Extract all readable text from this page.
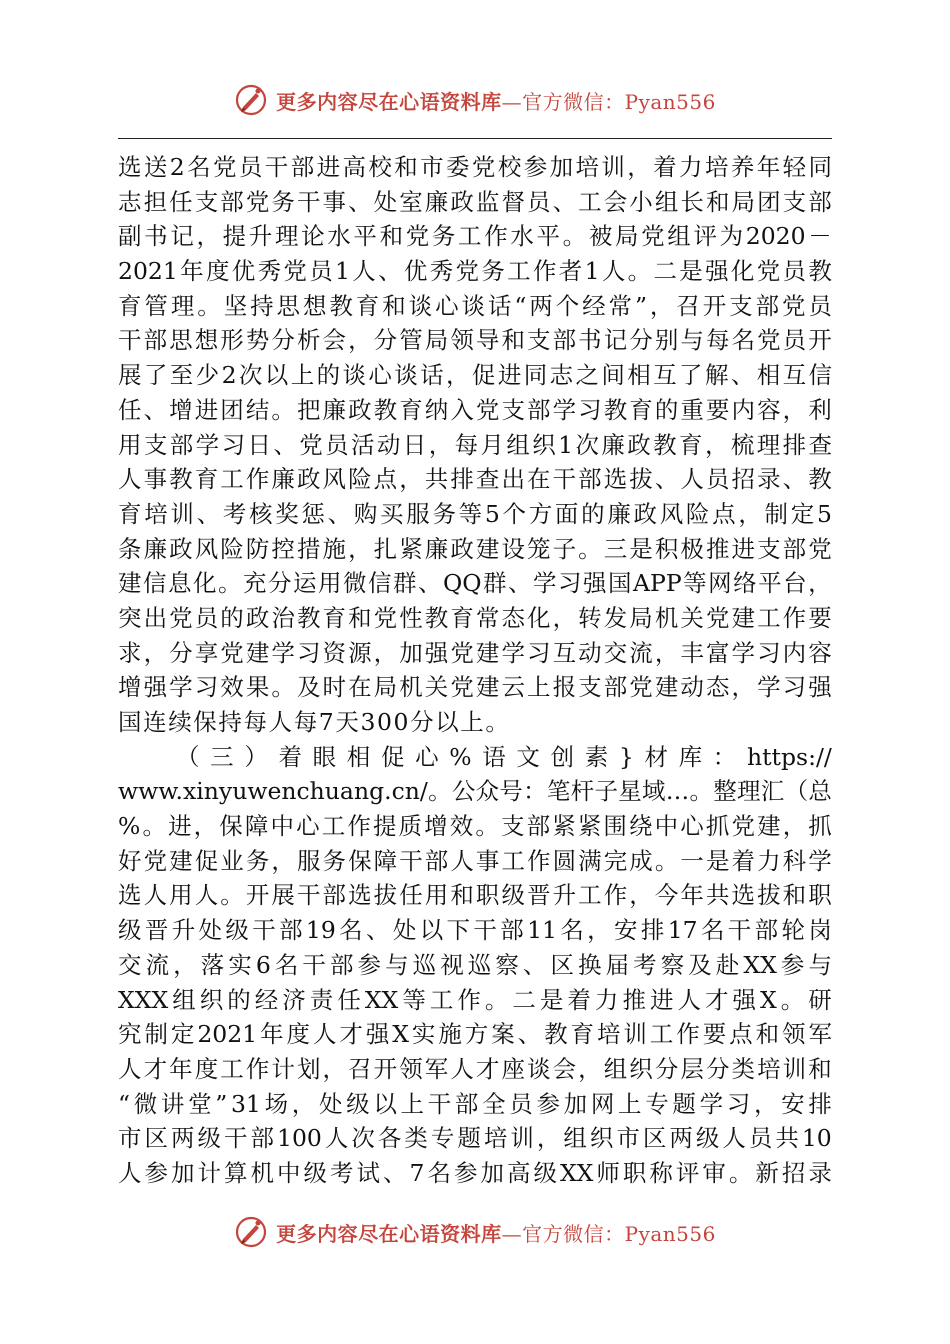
更多内容尽在心语资料库—官方微信：Pyan556
选 送 2 名 党 员 干 部 进 高 校 和 市 委 党 校 参 加 培 训 ， 着 力 培 养 年 轻 同
志 担 任 支 部 党 务 干 事 、 处 室 廉 政 监 督 员 、 工 会 小 组 长 和 局 团 支 部
副 书 记 ， 提 升 理 论 水 平 和 党 务 工 作 水 平 。 被 局 党 组 评 为 2020 －
2021 年 度 优 秀 党 员 1 人 、 优 秀 党 务 工 作 者 1 人 。 二 是 强 化 党 员 教
育 管 理 。 坚 持 思 想 教 育 和 谈 心 谈 话 “ 两 个 经 常 ” ， 召 开 支 部 党 员
干 部 思 想 形 势 分 析 会 ， 分 管 局 领 导 和 支 部 书 记 分 别 与 每 名 党 员 开
展 了 至 少 2 次 以 上 的 谈 心 谈 话 ， 促 进 同 志 之 间 相 互 了 解 、 相 互 信
任 、 增 进 团 结 。 把 廉 政 教 育 纳 入 党 支 部 学 习 教 育 的 重 要 内 容 ， 利
用 支 部 学 习 日 、 党 员 活 动 日 ， 每 月 组 织 1 次 廉 政 教 育 ， 梳 理 排 查
人 事 教 育 工 作 廉 政 风 险 点 ， 共 排 查 出 在 干 部 选 拔 、 人 员 招 录 、 教
育 培 训 、 考 核 奖 惩 、 购 买 服 务 等 5 个 方 面 的 廉 政 风 险 点 ， 制 定 5
条 廉 政 风 险 防 控 措 施 ， 扎 紧 廉 政 建 设 笼 子 。 三 是 积 极 推 进 支 部 党
建 信 息 化 。 充 分 运 用 微 信 群 、 QQ 群 、 学 习 强 国 APP 等 网 络 平 台 ，
突 出 党 员 的 政 治 教 育 和 党 性 教 育 常 态 化 ， 转 发 局 机 关 党 建 工 作 要
求 ， 分 享 党 建 学 习 资 源 ， 加 强 党 建 学 习 互 动 交 流 ， 丰 富 学 习 内 容
增 强 学 习 效 果 。 及 时 在 局 机 关 党 建 云 上 报 支 部 党 建 动 态 ， 学 习 强
国连续保持每人每7天300分以上。
（ 三 ） 着 眼 相 促 心 % 语 文 创 素 } 材 库 ： https://
www.xinyuwenchuang.cn/ 。 公 众 号 ： 笔 杆 子 星 域 … 。 整 理 汇 （ 总
% 。 进 ， 保 障 中 心 工 作 提 质 增 效 。 支 部 紧 紧 围 绕 中 心 抓 党 建 ， 抓
好 党 建 促 业 务 ， 服 务 保 障 干 部 人 事 工 作 圆 满 完 成 。 一 是 着 力 科 学
选 人 用 人 。 开 展 干 部 选 拔 任 用 和 职 级 晋 升 工 作 ， 今 年 共 选 拔 和 职
级 晋 升 处 级 干 部 19 名 、 处 以 下 干 部 11 名 ， 安 排 17 名 干 部 轮 岗
交 流 ， 落 实 6 名 干 部 参 与 巡 视 巡 察 、 区 换 届 考 察 及 赴 XX 参 与
XXX 组 织 的 经 济 责 任 XX 等 工 作 。 二 是 着 力 推 进 人 才 强 X 。 研
究 制 定 2021 年 度 人 才 强 X 实 施 方 案 、 教 育 培 训 工 作 要 点 和 领 军
人 才 年 度 工 作 计 划 ， 召 开 领 军 人 才 座 谈 会 ， 组 织 分 层 分 类 培 训 和
“ 微 讲 堂 ” 31 场 ， 处 级 以 上 干 部 全 员 参 加 网 上 专 题 学 习 ， 安 排
市 区 两 级 干 部 100 人 次 各 类 专 题 培 训 ， 组 织 市 区 两 级 人 员 共 10
人 参 加 计 算 机 中 级 考 试 、 7 名 参 加 高 级 XX 师 职 称 评 审 。 新 招 录
更多内容尽在心语资料库—官方微信：Pyan556
